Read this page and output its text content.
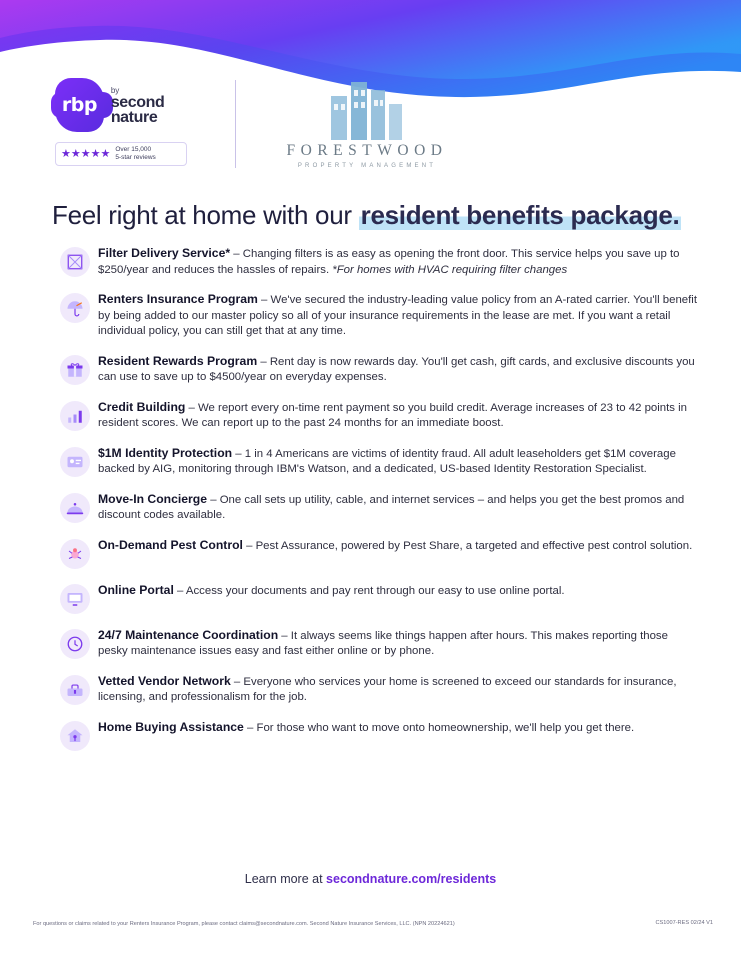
rbp
by
second nature
★★★★★ Over 15,000
5-star reviews	FORESTWOOD
PROPERTY MANAGEMENT
Feel right at home with our resident benefits package.
Filter Delivery Service* – Changing filters is as easy as opening the front door. This service helps you save up to $250/year and reduces the hassles of repairs. *For homes with HVAC requiring filter changes
Renters Insurance Program – We've secured the industry-leading value policy from an A-rated carrier. You'll benefit by being added to our master policy so all of your insurance requirements in the lease are met. If you want a retail individual policy, you can still get that at any time.
Resident Rewards Program – Rent day is now rewards day. You'll get cash, gift cards, and exclusive discounts you can use to save up to $4500/year on everyday expenses.
Credit Building – We report every on-time rent payment so you build credit. Average increases of 23 to 42 points in resident scores. We can report up to the past 24 months for an immediate boost.
$1M Identity Protection – 1 in 4 Americans are victims of identity fraud. All adult leaseholders get $1M coverage backed by AIG, monitoring through IBM's Watson, and a dedicated, US-based Identity Restoration Specialist.
Move-In Concierge – One call sets up utility, cable, and internet services – and helps you get the best promos and discount codes available.
On-Demand Pest Control – Pest Assurance, powered by Pest Share, a targeted and effective pest control solution.
Online Portal – Access your documents and pay rent through our easy to use online portal.
24/7 Maintenance Coordination – It always seems like things happen after hours. This makes reporting those pesky maintenance issues easy and fast either online or by phone.
Vetted Vendor Network – Everyone who services your home is screened to exceed our standards for insurance, licensing, and professionalism for the job.
Home Buying Assistance – For those who want to move onto homeownership, we'll help you get there.
Learn more at secondnature.com/residents
For questions or claims related to your Renters Insurance Program, please contact claims@secondnature.com. Second Nature Insurance Services, LLC. (NPN 20224621)	CS1007-RES 02/24 V1
